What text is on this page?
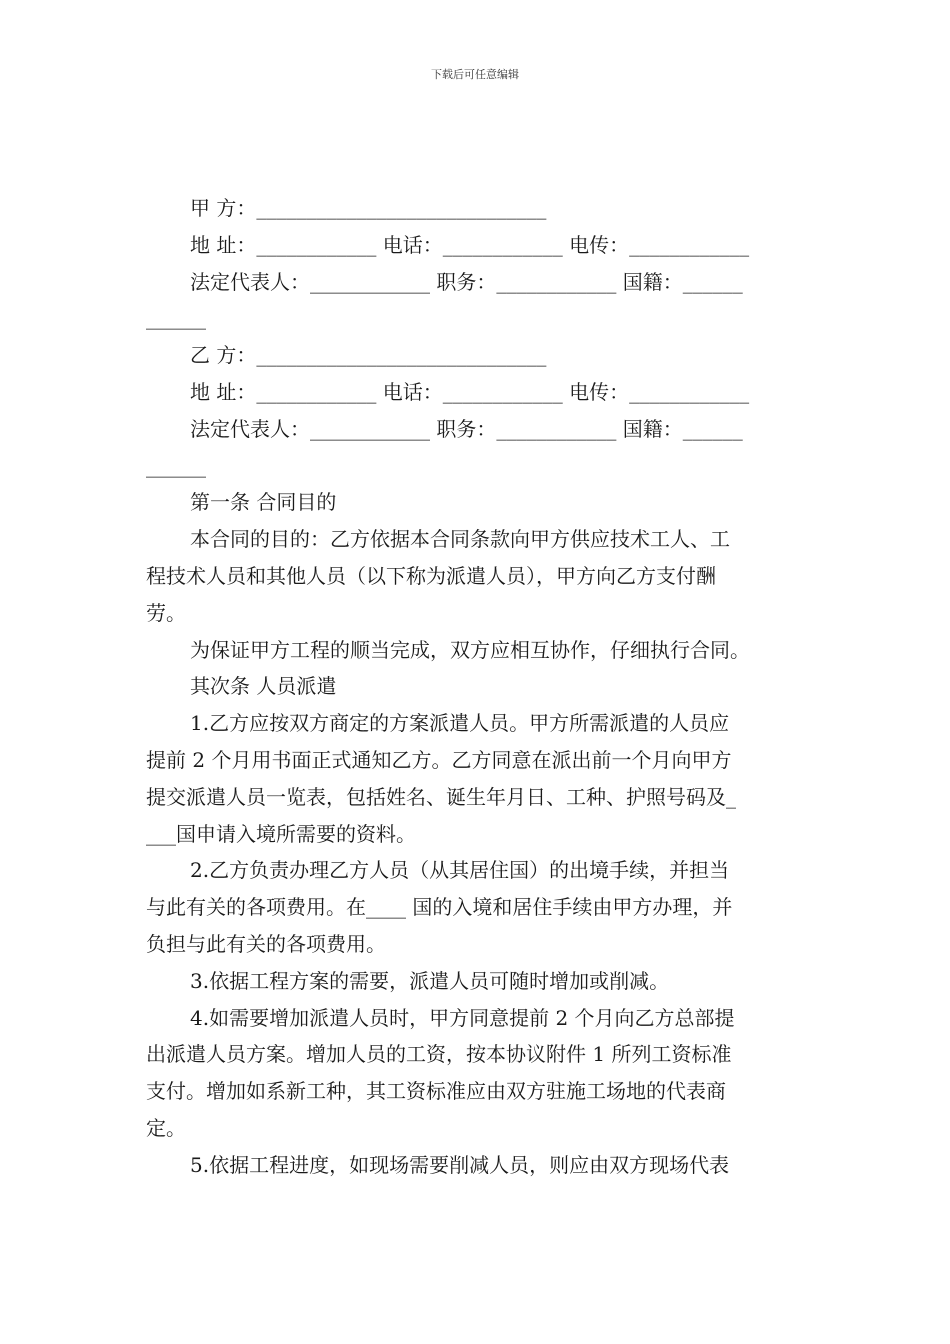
下载后可任意编辑
甲 方：_____________________________
地 址：____________ 电话：____________ 电传：____________
法定代表人：____________ 职务：____________ 国籍：______
______
乙 方：_____________________________
地 址：____________ 电话：____________ 电传：____________
法定代表人：____________ 职务：____________ 国籍：______
______
第一条 合同目的
本合同的目的：乙方依据本合同条款向甲方供应技术工人、工
程技术人员和其他人员（以下称为派遣人员），甲方向乙方支付酬
劳。
为保证甲方工程的顺当完成，双方应相互协作，仔细执行合同。
其次条 人员派遣
1.乙方应按双方商定的方案派遣人员。甲方所需派遣的人员应
提前 2 个月用书面正式通知乙方。乙方同意在派出前一个月向甲方
提交派遣人员一览表，包括姓名、诞生年月日、工种、护照号码及_
___国申请入境所需要的资料。
2.乙方负责办理乙方人员（从其居住国）的出境手续，并担当
与此有关的各项费用。在____ 国的入境和居住手续由甲方办理，并
负担与此有关的各项费用。
3.依据工程方案的需要，派遣人员可随时增加或削减。
4.如需要增加派遣人员时，甲方同意提前 2 个月向乙方总部提
出派遣人员方案。增加人员的工资，按本协议附件 1 所列工资标准
支付。增加如系新工种，其工资标准应由双方驻施工场地的代表商
定。
5.依据工程进度，如现场需要削减人员，则应由双方现场代表
